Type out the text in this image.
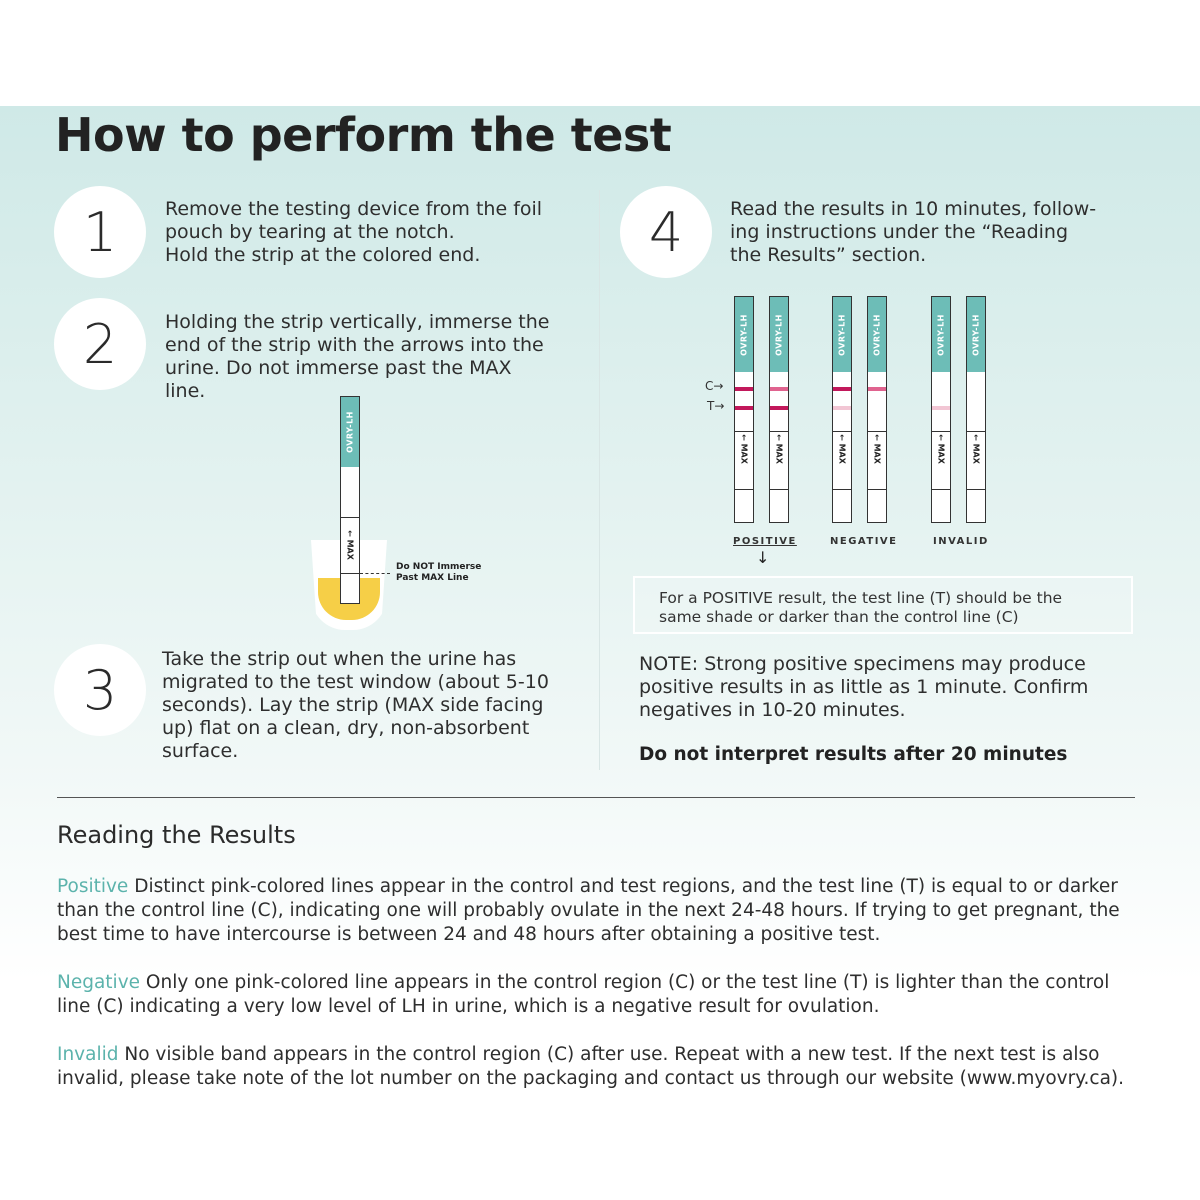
How to perform the test
1	Remove the testing device from the foil
pouch by tearing at the notch.
Hold the strip at the colored end.
2	Holding the strip vertically, immerse the
end of the strip with the arrows into the
urine. Do not immerse past the MAX
line.
OVRY-LH
← MAX
Do NOT Immerse
Past MAX Line
3	Take the strip out when the urine has
migrated to the test window (about 5-10
seconds). Lay the strip (MAX side facing
up) flat on a clean, dry, non-absorbent
surface.
4	Read the results in 10 minutes, follow-
ing instructions under the “Reading
the Results” section.
C→
T→
OVRY-LH
← MAX
OVRY-LH
← MAX
OVRY-LH
← MAX
OVRY-LH
← MAX
OVRY-LH
← MAX
OVRY-LH
← MAX
POSITIVE
↓
NEGATIVE	INVALID
For a POSITIVE result, the test line (T) should be the
same shade or darker than the control line (C)
NOTE: Strong positive specimens may produce
positive results in as little as 1 minute. Confirm
negatives in 10-20 minutes.
Do not interpret results after 20 minutes
Reading the Results

Positive Distinct pink-colored lines appear in the control and test regions, and the test line (T) is equal to or darker than the control line (C), indicating one will probably ovulate in the next 24-48 hours. If trying to get pregnant, the best time to have intercourse is between 24 and 48 hours after obtaining a positive test.

Negative Only one pink-colored line appears in the control region (C) or the test line (T) is lighter than the control line (C) indicating a very low level of LH in urine, which is a negative result for ovulation.

Invalid No visible band appears in the control region (C) after use. Repeat with a new test. If the next test is also invalid, please take note of the lot number on the packaging and contact us through our website (www.myovry.ca).
